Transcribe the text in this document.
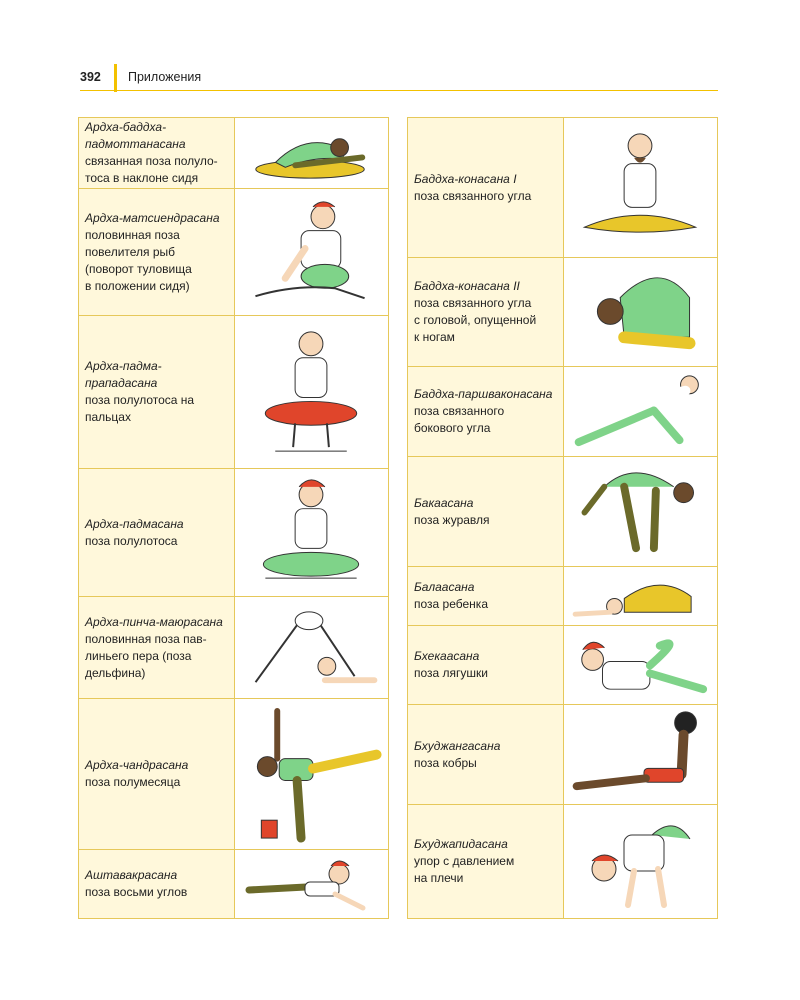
392 Приложения
Ардха-баддха-
падмоттанасана
связанная поза полуло-
тоса в наклоне сидя
Ардха-матсиендрасана
половинная поза
повелителя рыб
(поворот туловища
в положении сидя)
Ардха-падма-прападасана
поза полулотоса на
пальцах
Ардха-падмасана
поза полулотоса
Ардха-пинча-маюрасана
половинная поза пав-
линьего пера (поза
дельфина)
Ардха-чандрасана
поза полумесяца
Аштавакрасана
поза восьми углов
Баддха-конасана I
поза связанного угла
Баддха-конасана II
поза связанного угла
с головой, опущенной
к ногам
Баддха-паршваконасана
поза связанного
бокового угла
Бакаасана
поза журавля
Балаасана
поза ребенка
Бхекаасана
поза лягушки
Бхуджангасана
поза кобры
Бхуджапидасана
упор с давлением
на плечи
